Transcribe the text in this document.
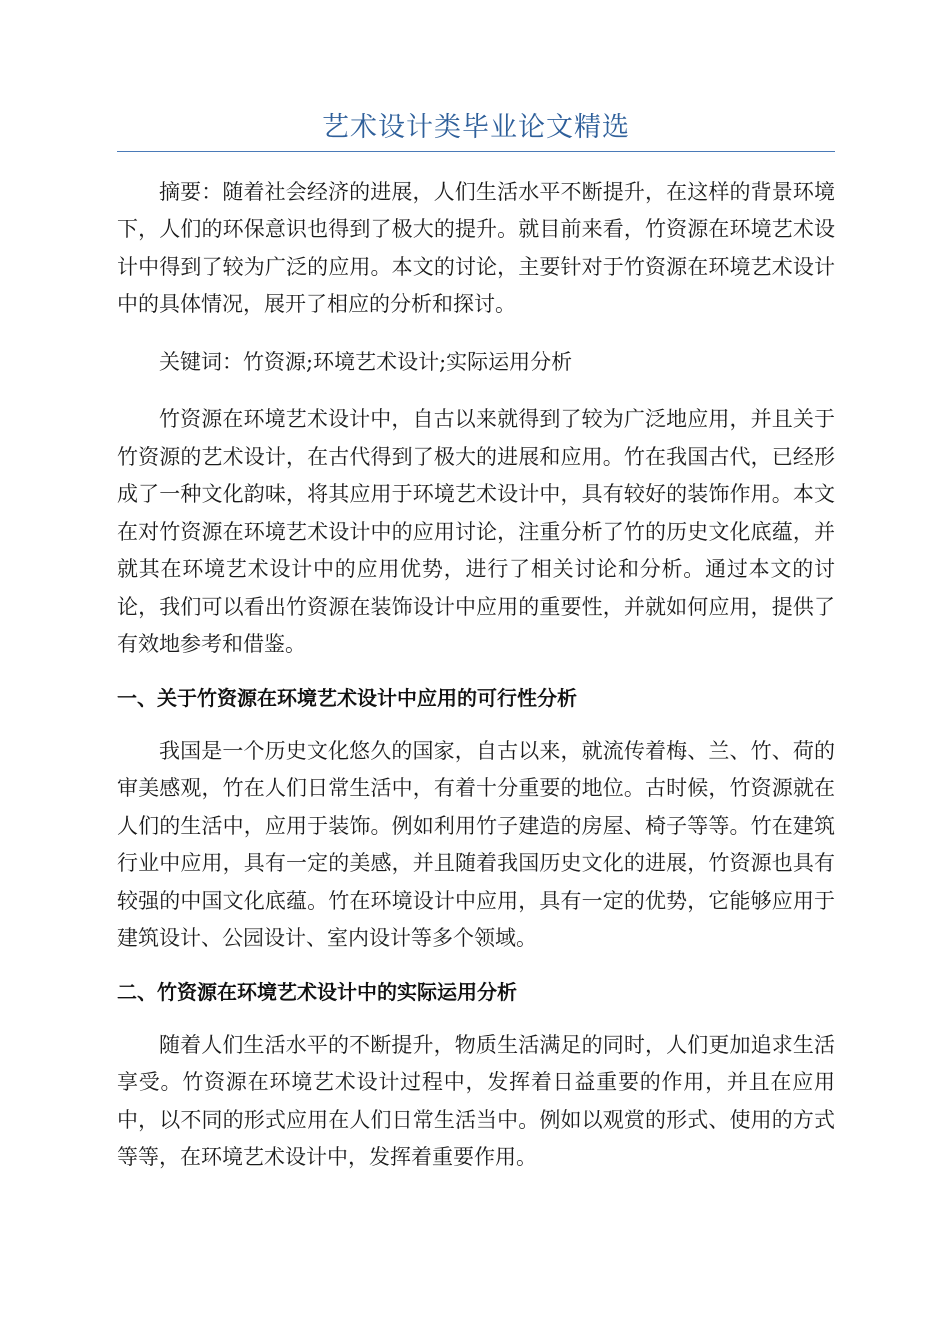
艺术设计类毕业论文精选

摘要：随着社会经济的进展，人们生活水平不断提升，在这样的背景环境下，人们的环保意识也得到了极大的提升。就目前来看，竹资源在环境艺术设计中得到了较为广泛的应用。本文的讨论，主要针对于竹资源在环境艺术设计中的具体情况，展开了相应的分析和探讨。

关键词：竹资源;环境艺术设计;实际运用分析

竹资源在环境艺术设计中，自古以来就得到了较为广泛地应用，并且关于竹资源的艺术设计，在古代得到了极大的进展和应用。竹在我国古代，已经形成了一种文化韵味，将其应用于环境艺术设计中，具有较好的装饰作用。本文在对竹资源在环境艺术设计中的应用讨论，注重分析了竹的历史文化底蕴，并就其在环境艺术设计中的应用优势，进行了相关讨论和分析。通过本文的讨论，我们可以看出竹资源在装饰设计中应用的重要性，并就如何应用，提供了有效地参考和借鉴。

一、关于竹资源在环境艺术设计中应用的可行性分析

我国是一个历史文化悠久的国家，自古以来，就流传着梅、兰、竹、荷的审美感观，竹在人们日常生活中，有着十分重要的地位。古时候，竹资源就在人们的生活中，应用于装饰。例如利用竹子建造的房屋、椅子等等。竹在建筑行业中应用，具有一定的美感，并且随着我国历史文化的进展，竹资源也具有较强的中国文化底蕴。竹在环境设计中应用，具有一定的优势，它能够应用于建筑设计、公园设计、室内设计等多个领域。

二、竹资源在环境艺术设计中的实际运用分析

随着人们生活水平的不断提升，物质生活满足的同时，人们更加追求生活享受。竹资源在环境艺术设计过程中，发挥着日益重要的作用，并且在应用中，以不同的形式应用在人们日常生活当中。例如以观赏的形式、使用的方式等等，在环境艺术设计中，发挥着重要作用。
